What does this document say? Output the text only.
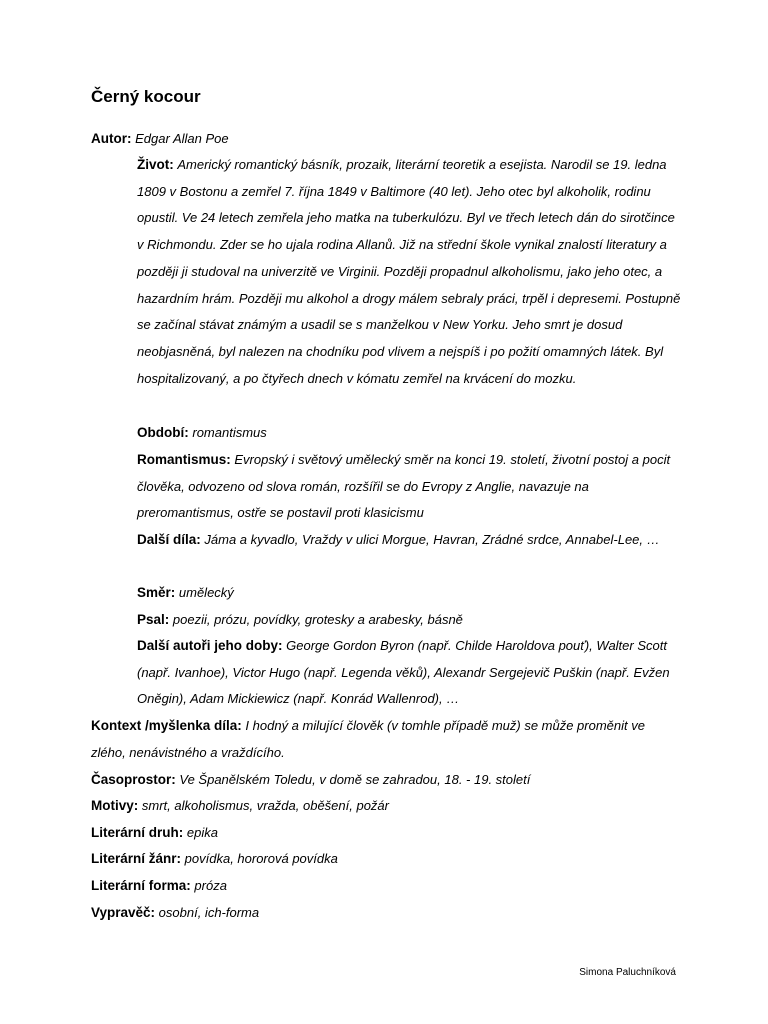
Černý kocour
Autor: Edgar Allan Poe
Život: Americký romantický básník, prozaik, literární teoretik a esejista. Narodil se 19. ledna 1809 v Bostonu a zemřel 7. října 1849 v Baltimore (40 let). Jeho otec byl alkoholik, rodinu opustil. Ve 24 letech zemřela jeho matka na tuberkulózu. Byl ve třech letech dán do sirotčince v Richmondu. Zder se ho ujala rodina Allanů. Již na střední škole vynikal znalostí literatury a později ji studoval na univerzitě ve Virginii. Později propadnul alkoholismu, jako jeho otec, a hazardním hrám. Později mu alkohol a drogy málem sebraly práci, trpěl i depresemi. Postupně se začínal stávat známým a usadil se s manželkou v New Yorku. Jeho smrt je dosud neobjasněná, byl nalezen na chodníku pod vlivem a nejspíš i po požití omamných látek. Byl hospitalizovaný, a po čtyřech dnech v kómatu zemřel na krvácení do mozku.
Období: romantismus
Romantismus: Evropský i světový umělecký směr na konci 19. století, životní postoj a pocit člověka, odvozeno od slova román, rozšířil se do Evropy z Anglie, navazuje na preromantismus, ostře se postavil proti klasicismu
Další díla: Jáma a kyvadlo, Vraždy v ulici Morgue, Havran, Zrádné srdce, Annabel-Lee, …
Směr: umělecký
Psal: poezii, prózu, povídky, grotesky a arabesky, básně
Další autoři jeho doby: George Gordon Byron (např. Childe Haroldova pouť), Walter Scott (např. Ivanhoe), Victor Hugo (např. Legenda věků), Alexandr Sergejevič Puškin (např. Evžen Oněgin), Adam Mickiewicz (např. Konrád Wallenrod), …
Kontext /myšlenka díla: I hodný a milující člověk (v tomhle případě muž) se může proměnit ve zlého, nenávistného a vraždícího.
Časoprostor: Ve Španělském Toledu, v domě se zahradou, 18. - 19. století
Motivy: smrt, alkoholismus, vražda, oběšení, požár
Literární druh: epika
Literární žánr: povídka, hororová povídka
Literární forma: próza
Vypravěč: osobní, ich-forma
Simona Paluchníková
